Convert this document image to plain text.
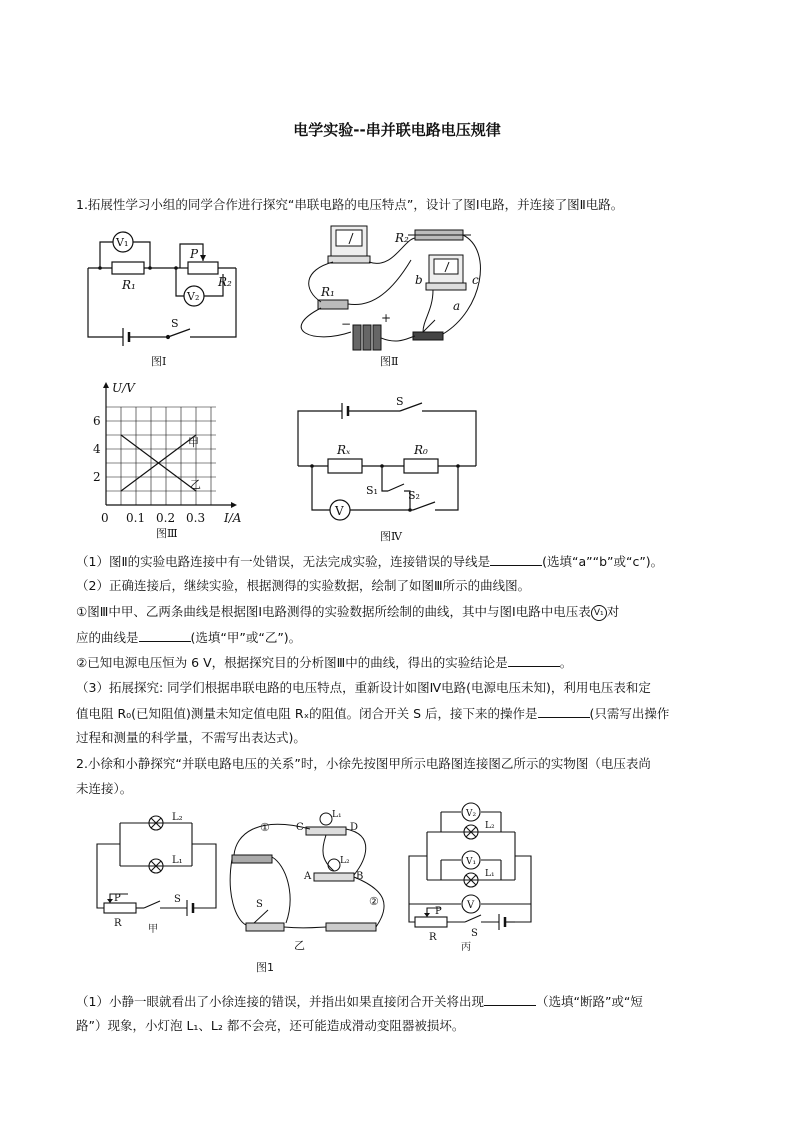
电学实验--串并联电路电压规律
1.拓展性学习小组的同学合作进行探究“串联电路的电压特点”，设计了图Ⅰ电路，并连接了图Ⅱ电路。
V₁
V₂
P
R₁	R₂
S
图Ⅰ
R₂
R₁
b	c
a
− +
图Ⅱ
U/V
I/A
甲
乙
6
4
2
0 0.1 0.2 0.3
图Ⅲ
S
Rₓ	R₀
S₁	S₂
V
图Ⅳ
（1）图Ⅱ的实验电路连接中有一处错误，无法完成实验，连接错误的导线是	(选填“a”“b”或“c”)。
（2）正确连接后，继续实验，根据测得的实验数据，绘制了如图Ⅲ所示的曲线图。
①图Ⅲ中甲、乙两条曲线是根据图Ⅰ电路测得的实验数据所绘制的曲线，其中与图Ⅰ电路中电压表 V₁ 对
应的曲线是	(选填“甲”或“乙”)。
②已知电源电压恒为 6 V，根据探究目的分析图Ⅲ中的曲线，得出的实验结论是	。
（3）拓展探究: 同学们根据串联电路的电压特点，重新设计如图Ⅳ电路(电源电压未知)，利用电压表和定
值电阻 R₀(已知阻值)测量未知定值电阻 Rₓ的阻值。闭合开关 S 后，接下来的操作是	(只需写出操作
过程和测量的科学量，不需写出表达式)。
2.小徐和小静探究“并联电路电压的关系”时，小徐先按图甲所示电路图连接图乙所示的实物图（电压表尚
未连接）。
L₂
L₁
P
R
S
甲
①
②
C	D
L₁
L₂
A	B
S
乙
V₂
L₂
V₁
L₁
V
P
R	S
丙
图1
（1）小静一眼就看出了小徐连接的错误，并指出如果直接闭合开关将出现	（选填“断路”或“短
路”）现象，小灯泡 L₁、L₂ 都不会亮，还可能造成滑动变阻器被损坏。
